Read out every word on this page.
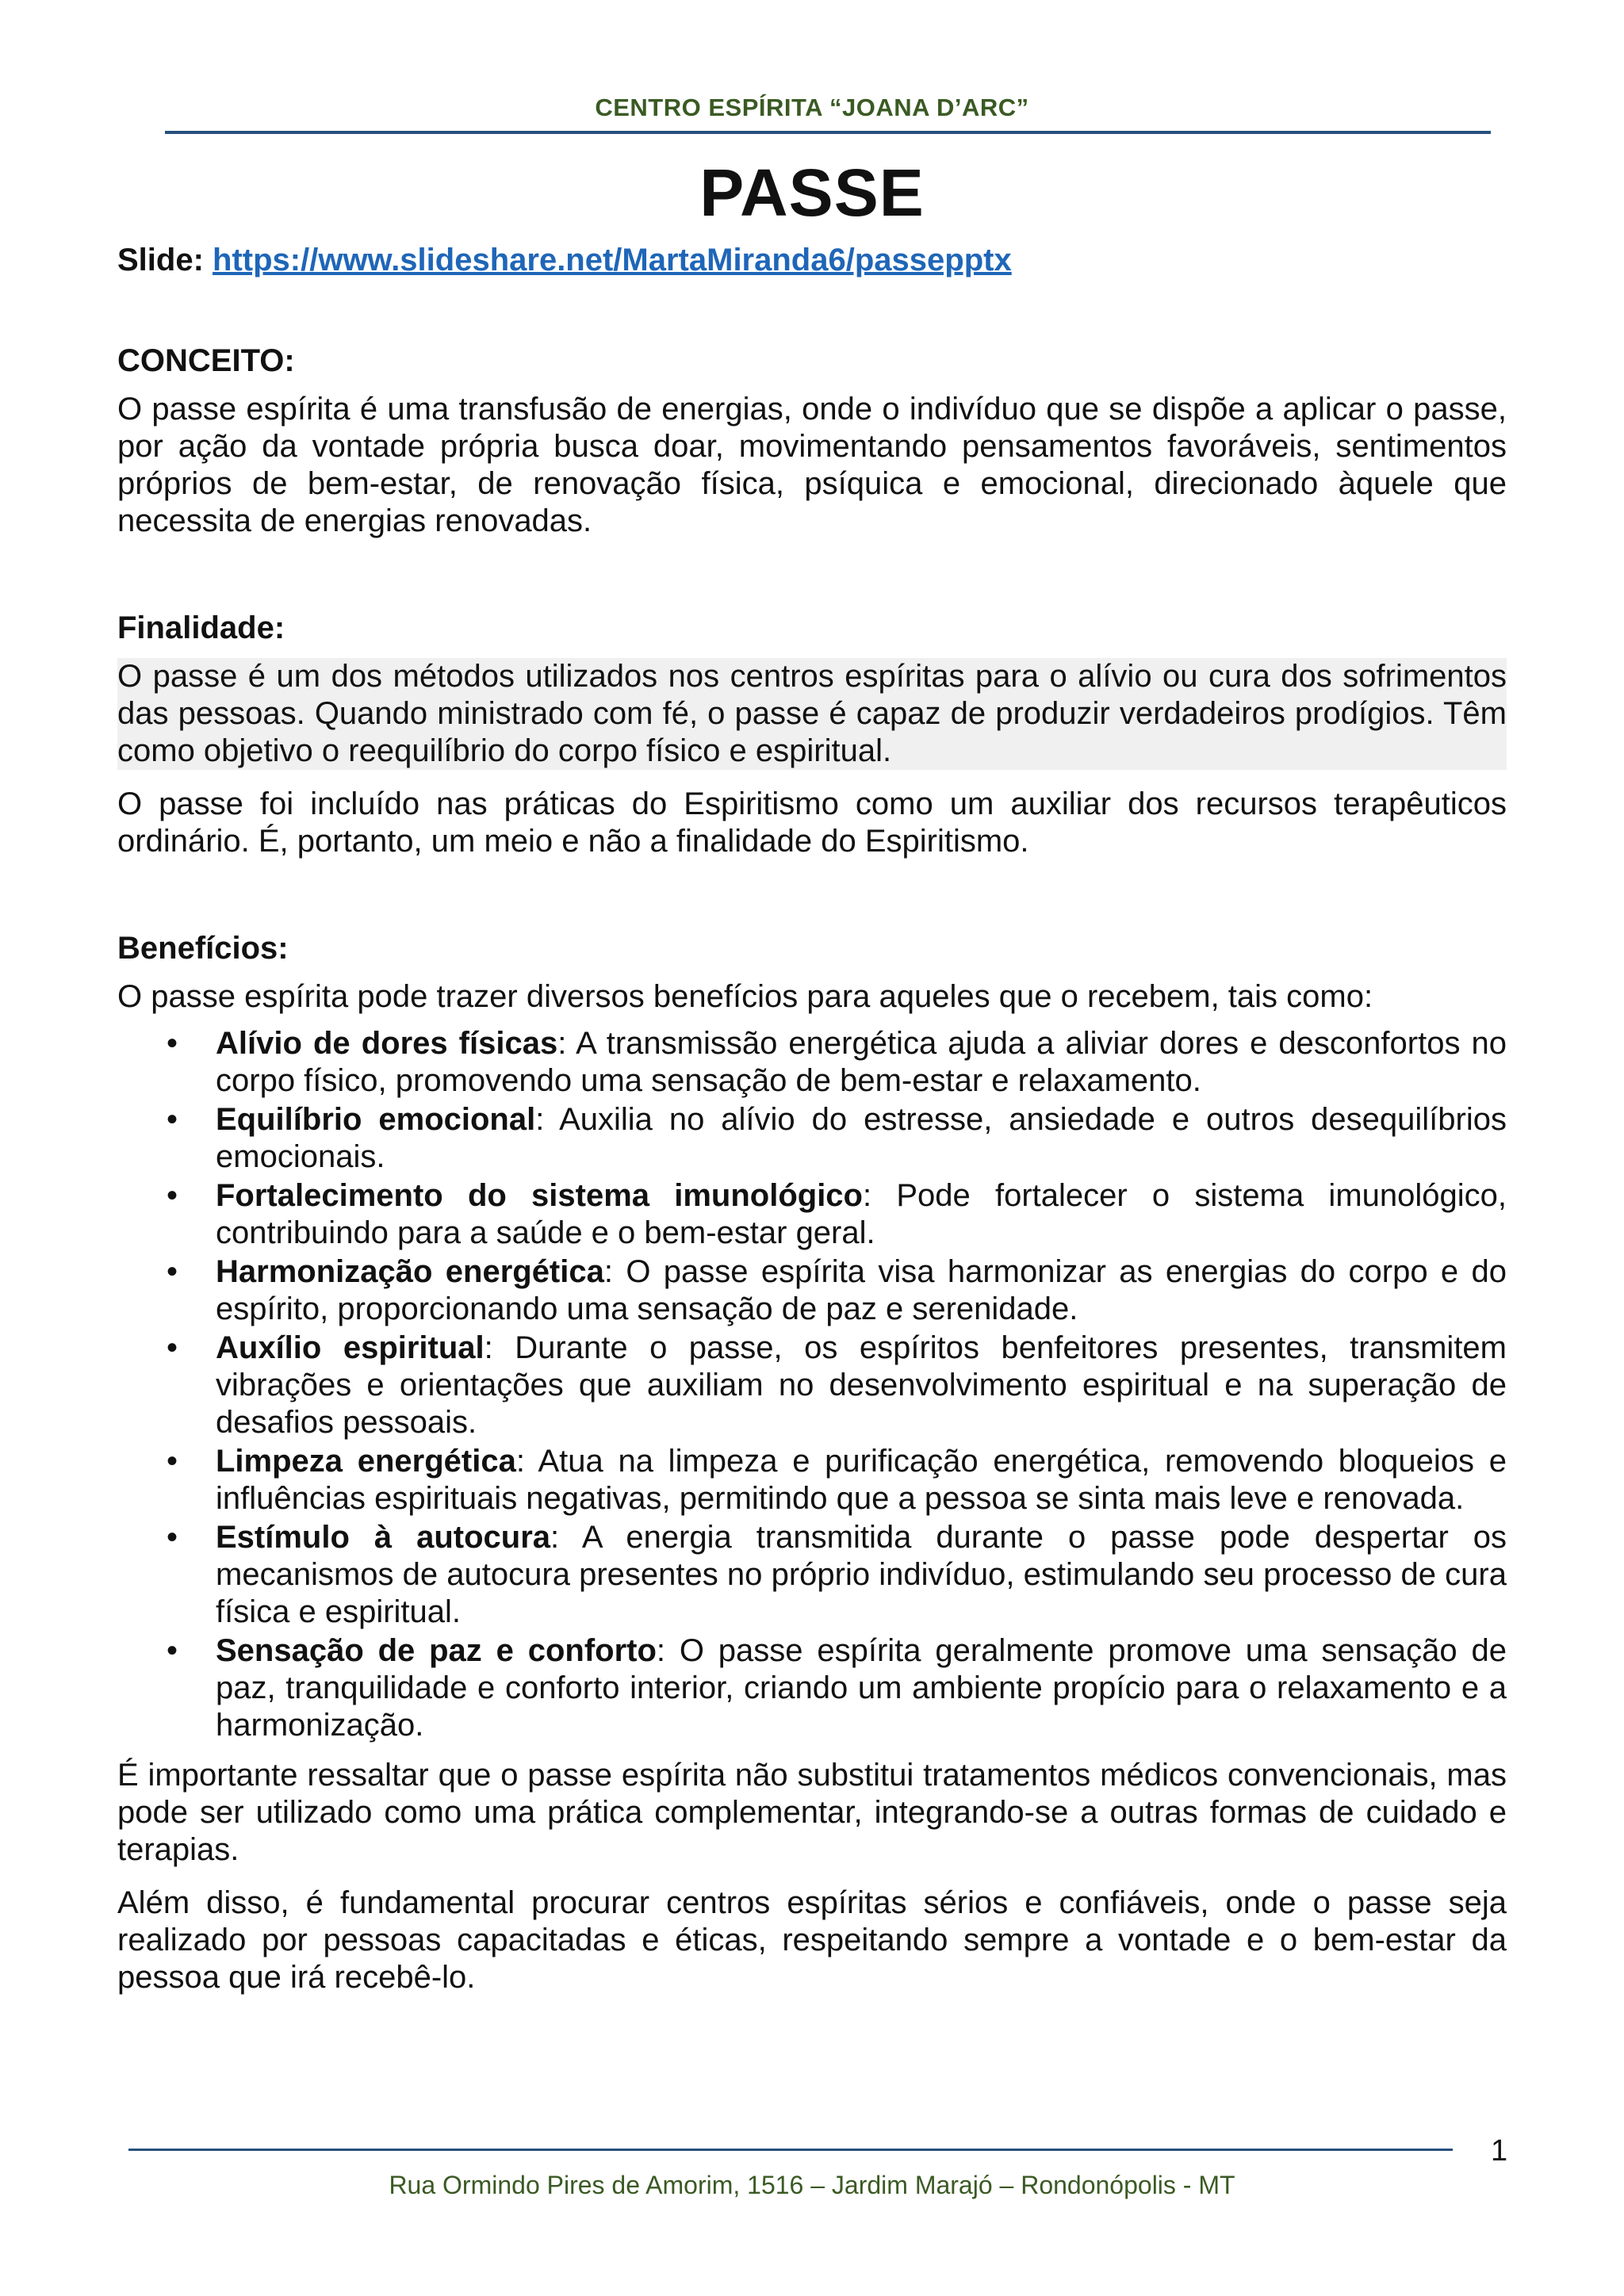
CENTRO ESPÍRITA “JOANA D’ARC”
PASSE

Slide: https://www.slideshare.net/MartaMiranda6/passepptx

CONCEITO:

O passe espírita é uma transfusão de energias, onde o indivíduo que se dispõe a aplicar o passe, por ação da vontade própria busca doar, movimentando pensamentos favoráveis, sentimentos próprios de bem-estar, de renovação física, psíquica e emocional, direcionado àquele que necessita de energias renovadas.

Finalidade:

O passe é um dos métodos utilizados nos centros espíritas para o alívio ou cura dos sofrimentos das pessoas. Quando ministrado com fé, o passe é capaz de produzir verdadeiros prodígios. Têm como objetivo o reequilíbrio do corpo físico e espiritual.

O passe foi incluído nas práticas do Espiritismo como um auxiliar dos recursos terapêuticos ordinário. É, portanto, um meio e não a finalidade do Espiritismo.

Benefícios:

O passe espírita pode trazer diversos benefícios para aqueles que o recebem, tais como:

• Alívio de dores físicas: A transmissão energética ajuda a aliviar dores e desconfortos no corpo físico, promovendo uma sensação de bem-estar e relaxamento.
• Equilíbrio emocional: Auxilia no alívio do estresse, ansiedade e outros desequilíbrios emocionais.
• Fortalecimento do sistema imunológico: Pode fortalecer o sistema imunológico, contribuindo para a saúde e o bem-estar geral.
• Harmonização energética: O passe espírita visa harmonizar as energias do corpo e do espírito, proporcionando uma sensação de paz e serenidade.
• Auxílio espiritual: Durante o passe, os espíritos benfeitores presentes, transmitem vibrações e orientações que auxiliam no desenvolvimento espiritual e na superação de desafios pessoais.
• Limpeza energética: Atua na limpeza e purificação energética, removendo bloqueios e influências espirituais negativas, permitindo que a pessoa se sinta mais leve e renovada.
• Estímulo à autocura: A energia transmitida durante o passe pode despertar os mecanismos de autocura presentes no próprio indivíduo, estimulando seu processo de cura física e espiritual.
• Sensação de paz e conforto: O passe espírita geralmente promove uma sensação de paz, tranquilidade e conforto interior, criando um ambiente propício para o relaxamento e a harmonização.

É importante ressaltar que o passe espírita não substitui tratamentos médicos convencionais, mas pode ser utilizado como uma prática complementar, integrando-se a outras formas de cuidado e terapias.

Além disso, é fundamental procurar centros espíritas sérios e confiáveis, onde o passe seja realizado por pessoas capacitadas e éticas, respeitando sempre a vontade e o bem-estar da pessoa que irá recebê-lo.

1
Rua Ormindo Pires de Amorim, 1516 – Jardim Marajó – Rondonópolis - MT
